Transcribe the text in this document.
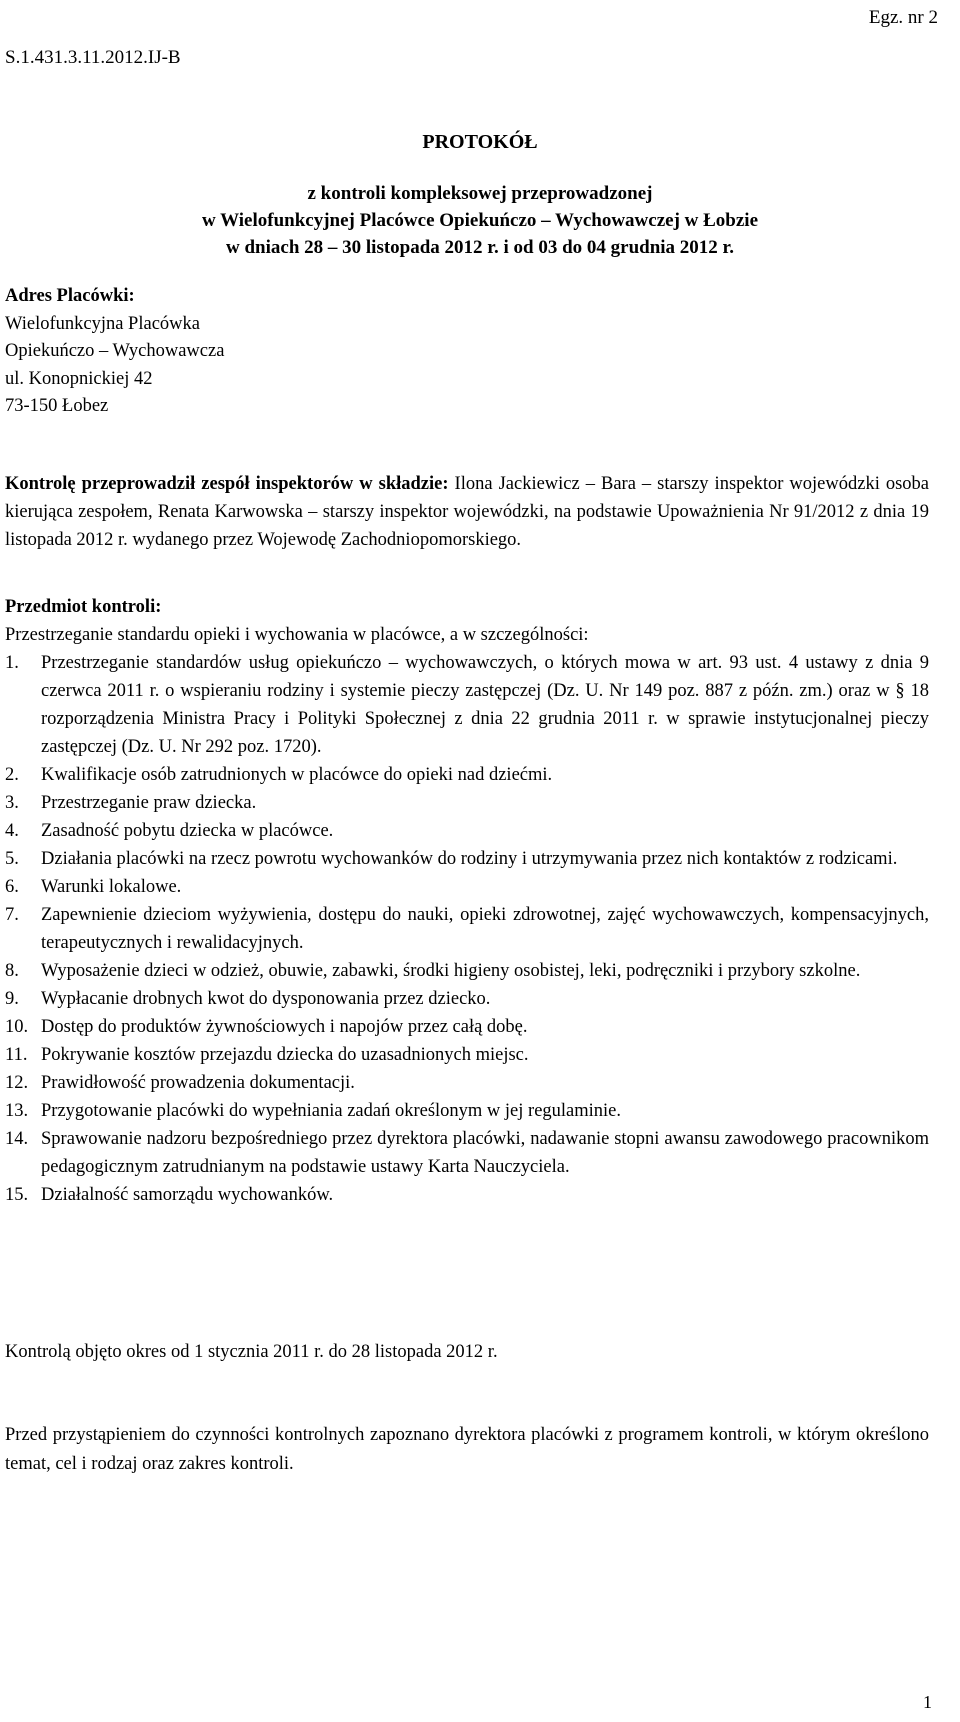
S.1.431.3.11.2012.IJ-B
Egz. nr 2
PROTOKÓŁ
z kontroli kompleksowej przeprowadzonej
w Wielofunkcyjnej Placówce Opiekuńczo – Wychowawczej w Łobzie
w dniach 28 – 30 listopada 2012 r. i od 03 do 04 grudnia 2012 r.
Adres Placówki:
Wielofunkcyjna Placówka
Opiekuńczo – Wychowawcza
ul. Konopnickiej 42
73-150 Łobez
Kontrolę przeprowadził zespół inspektorów w składzie: Ilona Jackiewicz – Bara – starszy inspektor wojewódzki osoba kierująca zespołem, Renata Karwowska – starszy inspektor wojewódzki, na podstawie Upoważnienia Nr 91/2012 z dnia 19 listopada 2012 r. wydanego przez Wojewodę Zachodniopomorskiego.
Przedmiot kontroli:
Przestrzeganie standardu opieki i wychowania w placówce, a w szczególności:
1. Przestrzeganie standardów usług opiekuńczo – wychowawczych, o których mowa w art. 93 ust. 4 ustawy z dnia 9 czerwca 2011 r. o wspieraniu rodziny i systemie pieczy zastępczej (Dz. U. Nr 149 poz. 887 z późn. zm.) oraz w § 18 rozporządzenia Ministra Pracy i Polityki Społecznej z dnia 22 grudnia 2011 r. w sprawie instytucjonalnej pieczy zastępczej (Dz. U. Nr 292 poz. 1720).
2. Kwalifikacje osób zatrudnionych w placówce do opieki nad dziećmi.
3. Przestrzeganie praw dziecka.
4. Zasadność pobytu dziecka w placówce.
5. Działania placówki na rzecz powrotu wychowanków do rodziny i utrzymywania przez nich kontaktów z rodzicami.
6. Warunki lokalowe.
7. Zapewnienie dzieciom wyżywienia, dostępu do nauki, opieki zdrowotnej, zajęć wychowawczych, kompensacyjnych, terapeutycznych i rewalidacyjnych.
8. Wyposażenie dzieci w odzież, obuwie, zabawki, środki higieny osobistej, leki, podręczniki i przybory szkolne.
9. Wypłacanie drobnych kwot do dysponowania przez dziecko.
10. Dostęp do produktów żywnościowych i napojów przez całą dobę.
11. Pokrywanie kosztów przejazdu dziecka do uzasadnionych miejsc.
12. Prawidłowość prowadzenia dokumentacji.
13. Przygotowanie placówki do wypełniania zadań określonym w jej regulaminie.
14. Sprawowanie nadzoru bezpośredniego przez dyrektora placówki, nadawanie stopni awansu zawodowego pracownikom pedagogicznym zatrudnianym na podstawie ustawy Karta Nauczyciela.
15. Działalność samorządu wychowanków.
Kontrolą objęto okres od 1 stycznia 2011 r. do 28 listopada 2012 r.
Przed przystąpieniem do czynności kontrolnych zapoznano dyrektora placówki z programem kontroli, w którym określono temat, cel i rodzaj oraz zakres kontroli.
1
